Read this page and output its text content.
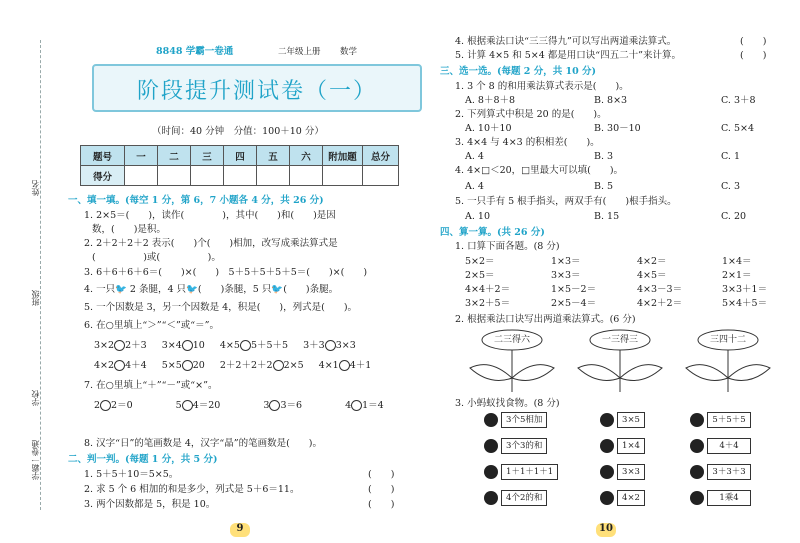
学霸一卷通
学校
班级
姓名
8848 学霸一卷通	二年级上册 数学
阶段提升测试卷（一）
（时间：40 分钟　分值：100＋10 分）
题号	一	二	三	四	五	六	附加题	总分
得分								
一、填一填。(每空 1 分，第 6，7 小题各 4 分，共 26 分)
1. 2×5＝(　　)，读作(　　　　)，其中(　　)和(　　)是因
数，(　　)是积。
2. 2＋2＋2＋2 表示(　　)个(　　)相加，改写成乘法算式是
(　　　　　)或(　　　　　)。
3. 6＋6＋6＋6＝(　　)×(　　)　5＋5＋5＋5＋5＝(　　)×(　　)
4. 一只🐦 2 条腿，4 只🐦(　　)条腿，5 只🐦(　　)条腿。
5. 一个因数是 3，另一个因数是 4，积是(　　)，列式是(　　)。
6. 在○里填上“＞”“＜”或“＝”。
3×2 2＋3 3×4 10 4×5 5＋5＋5 3＋3 3×3
4×2 4＋4 5×5 20 2＋2＋2＋2 2×5 4×1 4＋1
7. 在○里填上“＋”“－”或“×”。
2 2＝0	5 4＝20	3 3＝6	4 1＝4
8. 汉字“日”的笔画数是 4，汉字“晶”的笔画数是(　　)。
二、判一判。(每题 1 分，共 5 分)
1. 5＋5＋10＝5×5。	(　　)
2. 求 5 个 6 相加的和是多少，列式是 5＋6＝11。	(　　)
3. 两个因数都是 5，积是 10。	(　　)
9
4. 根据乘法口诀“三三得九”可以写出两道乘法算式。	(　　)
5. 计算 4×5 和 5×4 都是用口诀“四五二十”来计算。	(　　)
三、选一选。(每题 2 分，共 10 分)
1. 3 个 8 的和用乘法算式表示是(　　)。
A. 8＋8＋8	B. 8×3	C. 3＋8
2. 下列算式中积是 20 的是(　　)。
A. 10＋10	B. 30－10	C. 5×4
3. 4×4 与 4×3 的积相差(　　)。
A. 4	B. 3	C. 1
4. 4×□＜20，□里最大可以填(　　)。
A. 4	B. 5	C. 3
5. 一只手有 5 根手指头，两双手有(　　)根手指头。
A. 10	B. 15	C. 20
四、算一算。(共 26 分)
1. 口算下面各题。(8 分)
5×2＝	1×3＝	4×2＝	1×4＝
2×5＝	3×3＝	4×5＝	2×1＝
4×4＋2＝	1×5－2＝	4×3－3＝	3×3＋1＝
3×2＋5＝	2×5－4＝	4×2＋2＝	5×4＋5＝
2. 根据乘法口诀写出两道乘法算式。(6 分)
二三得六	一三得三	三四十二
3. 小蚂蚁找食物。(8 分)
3个5相加	3×5	5＋5＋5
3个3的和	1×4	4＋4
1＋1＋1＋1	3×3	3＋3＋3
4个2的和	4×2	1乘4
10
